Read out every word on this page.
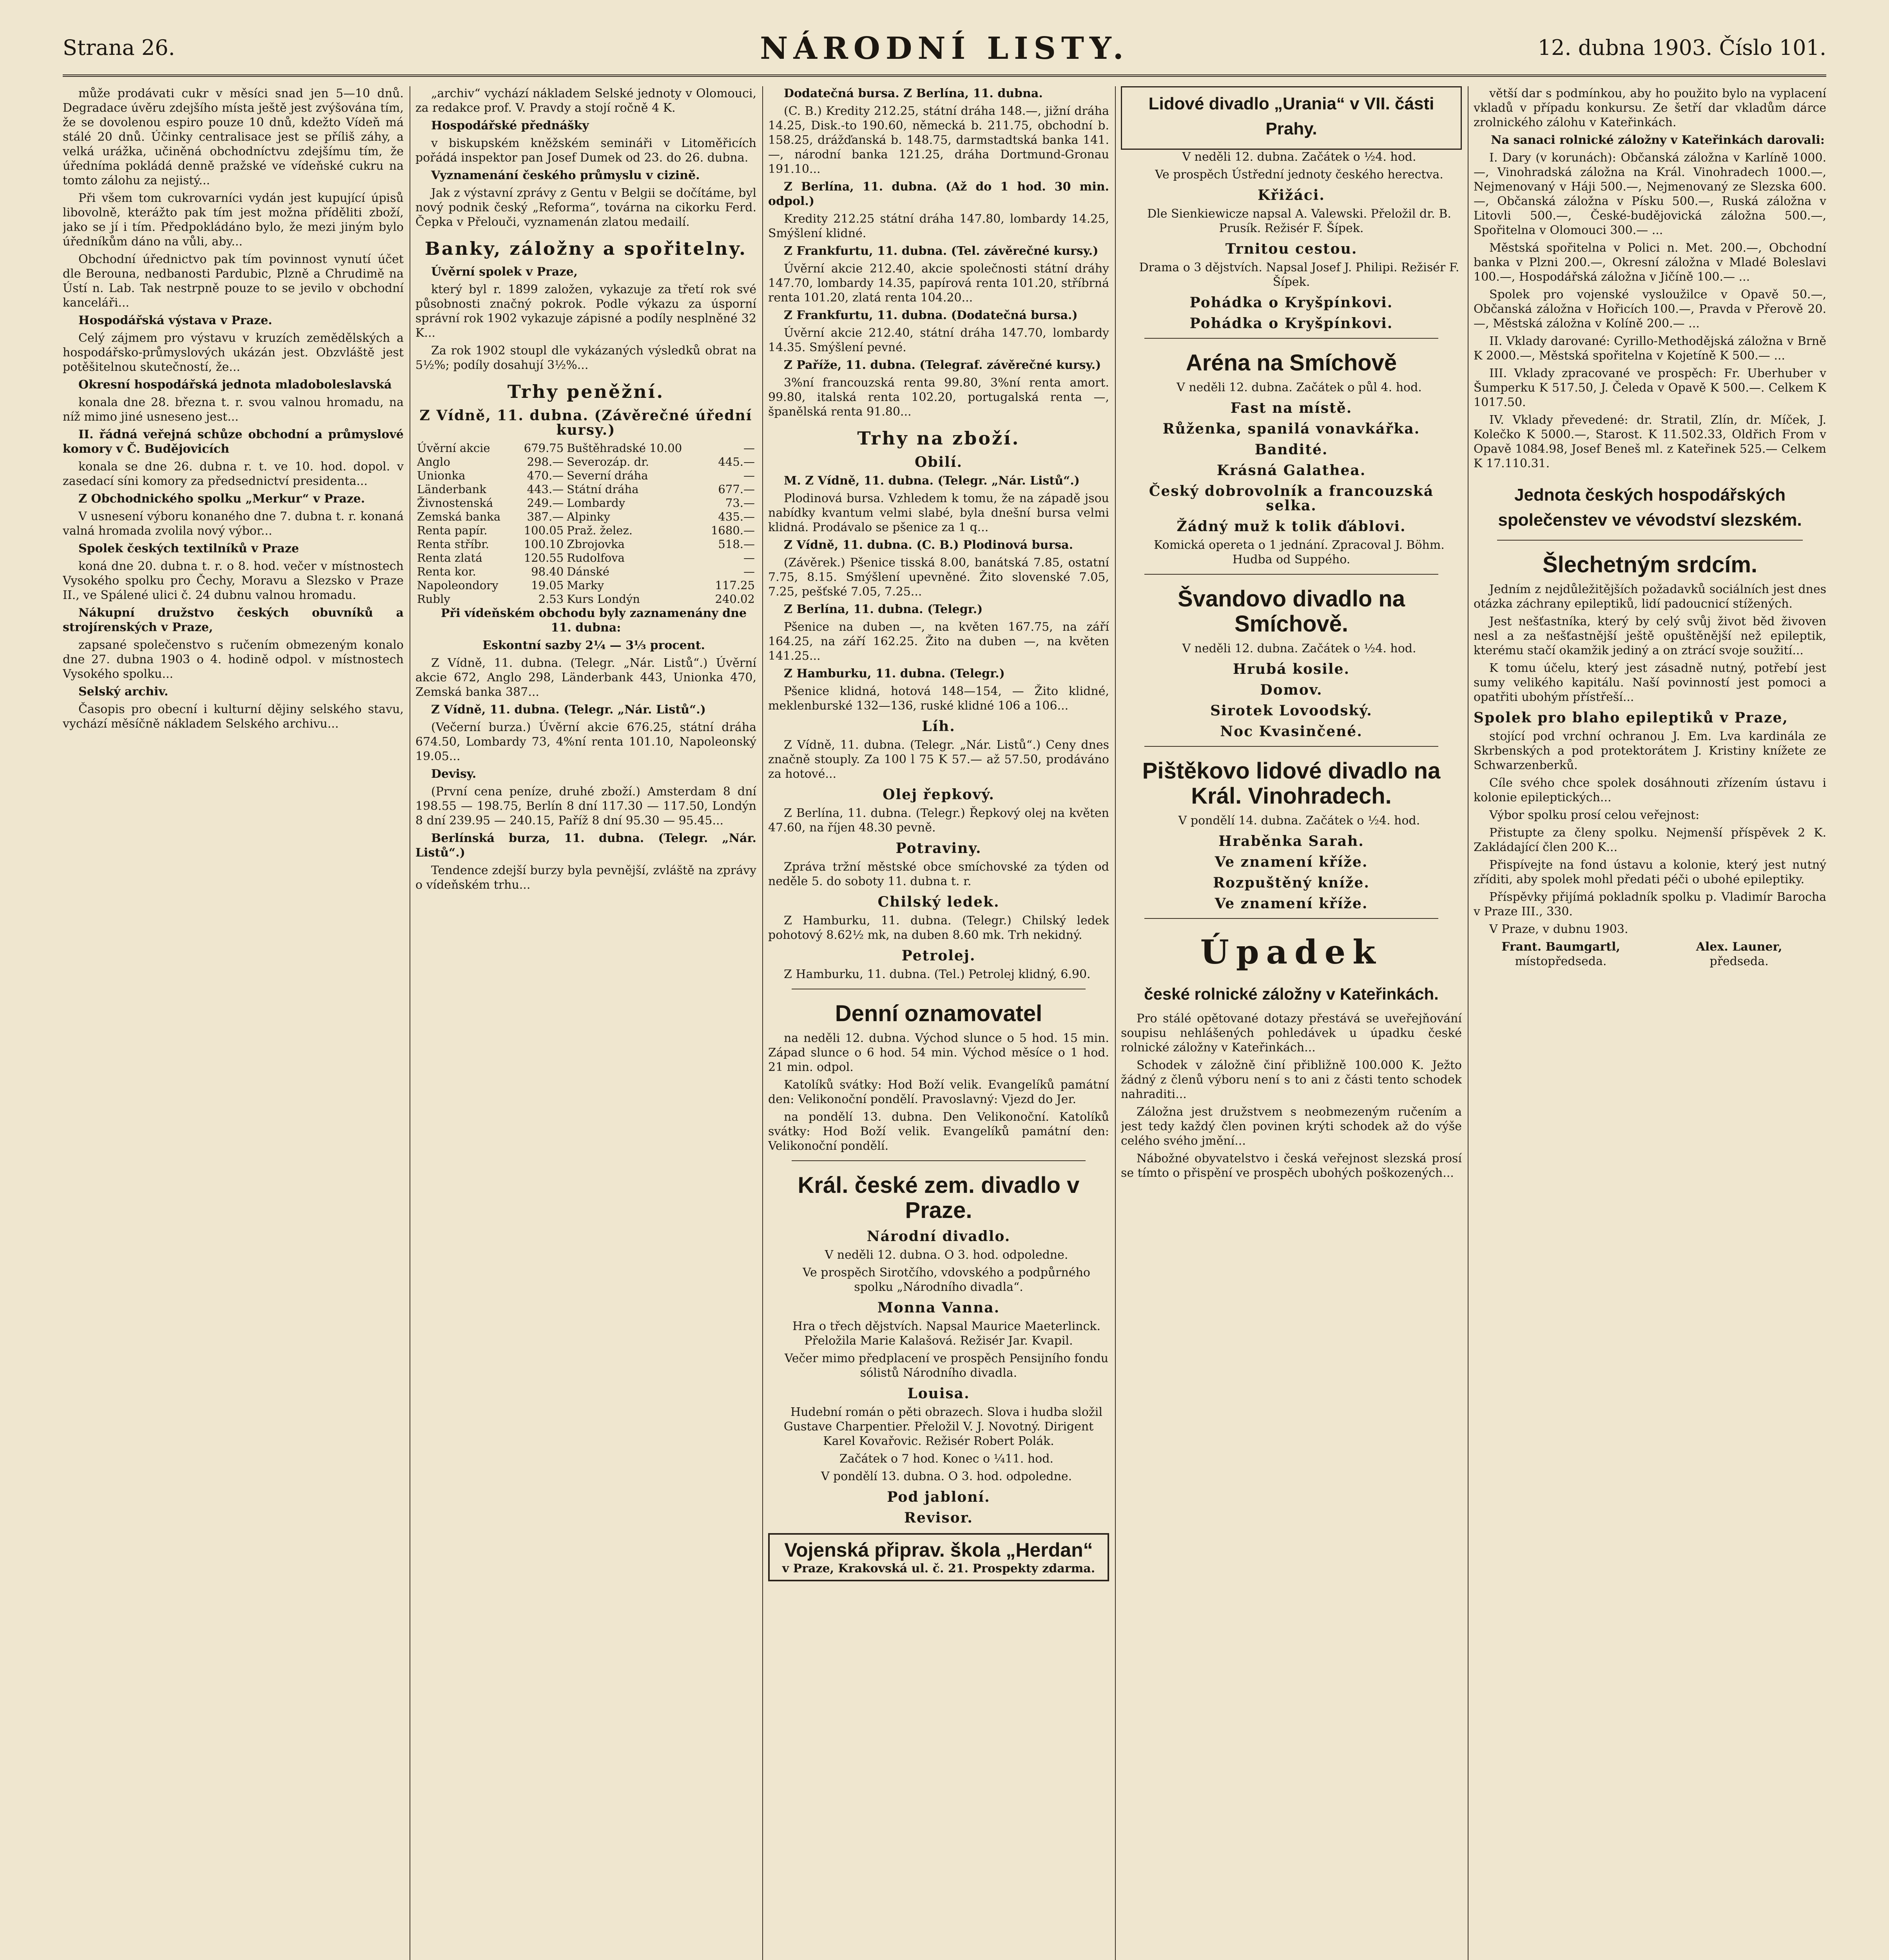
Strana 26.	NÁRODNÍ LISTY.	12. dubna 1903. Číslo 101.

může prodávati cukr v měsíci snad jen 5—10 dnů. Degradace úvěru zdejšího místa ještě jest zvýšována tím, že se dovolenou espiro pouze 10 dnů, kdežto Vídeň má stálé 20 dnů. Účinky centralisace jest se příliš záhy, a velká urážka, učiněná obchodníctvu zdejšímu tím, že úředníma pokládá denně pražské ve vídeňské cukru na tomto zálohu za nejistý...

Při všem tom cukrovarníci vydán jest kupující úpisů libovolně, kterážto pak tím jest možna příděliti zboží, jako se jí i tím. Předpokládáno bylo, že mezi jiným bylo úředníkům dáno na vůli, aby...

Obchodní úřednictvo pak tím povinnost vynutí účet dle Berouna, nedbanosti Pardubic, Plzně a Chrudimě na Ústí n. Lab. Tak nestrpně pouze to se jevilo v obchodní kanceláři...

Hospodářská výstava v Praze.

Celý zájmem pro výstavu v kruzích zemědělských a hospodářsko-průmyslových ukázán jest. Obzvláště jest potěšitelnou skutečností, že...

Okresní hospodářská jednota mladoboleslavská

konala dne 28. března t. r. svou valnou hromadu, na níž mimo jiné usneseno jest...

II. řádná veřejná schůze obchodní a průmyslové komory v Č. Budějovicích

konala se dne 26. dubna r. t. ve 10. hod. dopol. v zasedací síni komory za předsednictví presidenta...

Z Obchodnického spolku „Merkur“ v Praze.

V usnesení výboru konaného dne 7. dubna t. r. konaná valná hromada zvolila nový výbor...

Spolek českých textilníků v Praze

koná dne 20. dubna t. r. o 8. hod. večer v místnostech Vysokého spolku pro Čechy, Moravu a Slezsko v Praze II., ve Spálené ulici č. 24 dubnu valnou hromadu.

Nákupní družstvo českých obuvníků a strojírenských v Praze,

zapsané společenstvo s ručením obmezeným konalo dne 27. dubna 1903 o 4. hodině odpol. v místnostech Vysokého spolku...

Selský archiv.

Časopis pro obecní i kulturní dějiny selského stavu, vychází měsíčně nákladem Selského archivu...

„archiv“ vychází nákladem Selské jednoty v Olomouci, za redakce prof. V. Pravdy a stojí ročně 4 K.

Hospodářské přednášky

v biskupském kněžském semináři v Litoměřicích pořádá inspektor pan Josef Dumek od 23. do 26. dubna.

Vyznamenání českého průmyslu v cizině.

Jak z výstavní zprávy z Gentu v Belgii se dočítáme, byl nový podnik český „Reforma“, továrna na cikorku Ferd. Čepka v Přelouči, vyznamenán zlatou medailí.

Banky, záložny a spořitelny.

Úvěrní spolek v Praze,

který byl r. 1899 založen, vykazuje za třetí rok své působnosti značný pokrok. Podle výkazu za úsporní správní rok 1902 vykazuje zápisné a podíly nesplněné 32 K...

Za rok 1902 stoupl dle vykázaných výsledků obrat na 5½%; podíly dosahují 3½%...

Trhy peněžní.
Z Vídně, 11. dubna. (Závěrečné úřední kursy.)
Úvěrní akcie	679.75	Buštěhradské 10.00	—
Anglo	298.—	Severozáp. dr.	445.—
Unionka	470.—	Severní dráha	—
Länderbank	443.—	Státní dráha	677.—
Živnostenská	249.—	Lombardy	73.—
Zemská banka	387.—	Alpinky	435.—
Renta papír.	100.05	Praž. želez.	1680.—
Renta stříbr.	100.10	Zbrojovka	518.—
Renta zlatá	120.55	Rudolfova	—
Renta kor.	98.40	Dánské	—
Napoleondory	19.05	Marky	117.25
Rubly	2.53	Kurs Londýn	240.02

Při vídeňském obchodu byly zaznamenány dne 11. dubna:

Eskontní sazby 2¼ — 3⅓ procent.

Z Vídně, 11. dubna. (Telegr. „Nár. Listů“.) Úvěrní akcie 672, Anglo 298, Länderbank 443, Unionka 470, Zemská banka 387...

Z Vídně, 11. dubna. (Telegr. „Nár. Listů“.)

(Večerní burza.) Úvěrní akcie 676.25, státní dráha 674.50, Lombardy 73, 4%ní renta 101.10, Napoleonský 19.05...

Devisy.

(První cena peníze, druhé zboží.) Amsterdam 8 dní 198.55 — 198.75, Berlín 8 dní 117.30 — 117.50, Londýn 8 dní 239.95 — 240.15, Paříž 8 dní 95.30 — 95.45...

Berlínská burza, 11. dubna. (Telegr. „Nár. Listů“.)

Tendence zdejší burzy byla pevnější, zvláště na zprávy o vídeňském trhu...

Dodatečná bursa. Z Berlína, 11. dubna.

(C. B.) Kredity 212.25, státní dráha 148.—, jižní dráha 14.25, Disk.-to 190.60, německá b. 211.75, obchodní b. 158.25, drážďanská b. 148.75, darmstadtská banka 141.—, národní banka 121.25, dráha Dortmund-Gronau 191.10...

Z Berlína, 11. dubna. (Až do 1 hod. 30 min. odpol.)

Kredity 212.25 státní dráha 147.80, lombardy 14.25, Smýšlení klidné.

Z Frankfurtu, 11. dubna. (Tel. závěrečné kursy.)

Úvěrní akcie 212.40, akcie společnosti státní dráhy 147.70, lombardy 14.35, papírová renta 101.20, stříbrná renta 101.20, zlatá renta 104.20...

Z Frankfurtu, 11. dubna. (Dodatečná bursa.)

Úvěrní akcie 212.40, státní dráha 147.70, lombardy 14.35. Smýšlení pevné.

Z Paříže, 11. dubna. (Telegraf. závěrečné kursy.)

3%ní francouzská renta 99.80, 3%ní renta amort. 99.80, italská renta 102.20, portugalská renta —, španělská renta 91.80...

Trhy na zboží.
Obilí.

M. Z Vídně, 11. dubna. (Telegr. „Nár. Listů“.)

Plodinová bursa. Vzhledem k tomu, že na západě jsou nabídky kvantum velmi slabé, byla dnešní bursa velmi klidná. Prodávalo se pšenice za 1 q...

Z Vídně, 11. dubna. (C. B.) Plodinová bursa.

(Závěrek.) Pšenice tisská 8.00, banátská 7.85, ostatní 7.75, 8.15. Smýšlení upevněné. Žito slovenské 7.05, 7.25, pešťské 7.05, 7.25...

Z Berlína, 11. dubna. (Telegr.)

Pšenice na duben —, na květen 167.75, na září 164.25, na září 162.25. Žito na duben —, na květen 141.25...

Z Hamburku, 11. dubna. (Telegr.)

Pšenice klidná, hotová 148—154, — Žito klidné, meklenburské 132—136, ruské klidné 106 a 106...

Líh.

Z Vídně, 11. dubna. (Telegr. „Nár. Listů“.) Ceny dnes značně stouply. Za 100 l 75 K 57.— až 57.50, prodáváno za hotové...

Olej řepkový.

Z Berlína, 11. dubna. (Telegr.) Řepkový olej na květen 47.60, na říjen 48.30 pevně.

Potraviny.

Zpráva tržní městské obce smíchovské za týden od neděle 5. do soboty 11. dubna t. r.

Chilský ledek.

Z Hamburku, 11. dubna. (Telegr.) Chilský ledek pohotový 8.62½ mk, na duben 8.60 mk. Trh nekidný.

Petrolej.

Z Hamburku, 11. dubna. (Tel.) Petrolej klidný, 6.90.

Denní oznamovatel

na neděli 12. dubna. Východ slunce o 5 hod. 15 min. Západ slunce o 6 hod. 54 min. Východ měsíce o 1 hod. 21 min. odpol.

Katolíků svátky: Hod Boží velik. Evangelíků památní den: Velikonoční pondělí. Pravoslavný: Vjezd do Jer.

na pondělí 13. dubna. Den Velikonoční. Katolíků svátky: Hod Boží velik. Evangelíků památní den: Velikonoční pondělí.

Král. české zem. divadlo v Praze.
Národní divadlo.

V neděli 12. dubna. O 3. hod. odpoledne.

Ve prospěch Sirotčího, vdovského a podpůrného spolku „Národního divadla“.

Monna Vanna.

Hra o třech dějstvích. Napsal Maurice Maeterlinck. Přeložila Marie Kalašová. Režisér Jar. Kvapil.

Večer mimo předplacení ve prospěch Pensijního fondu sólistů Národního divadla.

Louisa.

Hudební román o pěti obrazech. Slova i hudba složil Gustave Charpentier. Přeložil V. J. Novotný. Dirigent Karel Kovařovic. Režisér Robert Polák.

Začátek o 7 hod. Konec o ¼11. hod.

V pondělí 13. dubna. O 3. hod. odpoledne.

Pod jabloní.
Revisor.
Vojenská připrav. škola „Herdan“
v Praze, Krakovská ul. č. 21. Prospekty zdarma.
Lidové divadlo „Urania“ v VII. části Prahy.

V neděli 12. dubna. Začátek o ½4. hod.

Ve prospěch Ústřední jednoty českého herectva.

Křižáci.

Dle Sienkiewicze napsal A. Valewski. Přeložil dr. B. Prusík. Režisér F. Šípek.

Trnitou cestou.

Drama o 3 dějstvích. Napsal Josef J. Philipi. Režisér F. Šípek.

Pohádka o Kryšpínkovi.
Pohádka o Kryšpínkovi.
Aréna na Smíchově

V neděli 12. dubna. Začátek o půl 4. hod.

Fast na místě.
Růženka, spanilá vonavkářka.
Bandité.
Krásná Galathea.
Český dobrovolník a francouzská selka.
Žádný muž k tolik ďáblovi.

Komická opereta o 1 jednání. Zpracoval J. Böhm. Hudba od Suppého.

Švandovo divadlo na Smíchově.

V neděli 12. dubna. Začátek o ½4. hod.

Hrubá kosile.
Domov.
Sirotek Lovoodský.
Noc Kvasinčené.
Pištěkovo lidové divadlo na Král. Vinohradech.

V pondělí 14. dubna. Začátek o ½4. hod.

Hraběnka Sarah.
Ve znamení kříže.
Rozpuštěný kníže.
Ve znamení kříže.
Úpadek
české rolnické záložny v Kateřinkách.

Pro stálé opětované dotazy přestává se uveřejňování soupisu nehlášených pohledávek u úpadku české rolnické záložny v Kateřinkách...

Schodek v záložně činí přibližně 100.000 K. Ježto žádný z členů výboru není s to ani z části tento schodek nahraditi...

Záložna jest družstvem s neobmezeným ručením a jest tedy každý člen povinen krýti schodek až do výše celého svého jmění...

Nábožné obyvatelstvo i česká veřejnost slezská prosí se tímto o přispění ve prospěch ubohých poškozených...

větší dar s podmínkou, aby ho použito bylo na vyplacení vkladů v případu konkursu. Ze šetří dar vkladům dárce zrolnického zálohu v Kateřinkách.

Na sanaci rolnické záložny v Kateřinkách darovali:

I. Dary (v korunách): Občanská záložna v Karlíně 1000.—, Vinohradská záložna na Král. Vinohradech 1000.—, Nejmenovaný v Háji 500.—, Nejmenovaný ze Slezska 600.—, Občanská záložna v Písku 500.—, Ruská záložna v Litovli 500.—, České-budějovická záložna 500.—, Spořitelna v Olomouci 300.— ...

Městská spořitelna v Polici n. Met. 200.—, Obchodní banka v Plzni 200.—, Okresní záložna v Mladé Boleslavi 100.—, Hospodářská záložna v Jičíně 100.— ...

Spolek pro vojenské vysloužilce v Opavě 50.—, Občanská záložna v Hořicích 100.—, Pravda v Přerově 20.—, Městská záložna v Kolíně 200.— ...

II. Vklady darované: Cyrillo-Methodějská záložna v Brně K 2000.—, Městská spořitelna v Kojetíně K 500.— ...

III. Vklady zpracované ve prospěch: Fr. Uberhuber v Šumperku K 517.50, J. Čeleda v Opavě K 500.—. Celkem K 1017.50.

IV. Vklady převedené: dr. Stratil, Zlín, dr. Míček, J. Kolečko K 5000.—, Starost. K 11.502.33, Oldřich From v Opavě 1084.98, Josef Beneš ml. z Kateřinek 525.— Celkem K 17.110.31.

Jednota českých hospodářských společenstev ve vévodství slezském.
Šlechetným srdcím.

Jedním z nejdůležitějších požadavků sociálních jest dnes otázka záchrany epileptiků, lidí padoucnicí stížených.

Jest nešťastníka, který by celý svůj život běd živoven nesl a za nešťastnější ještě opuštěnější než epileptik, kterému stačí okamžik jediný a on ztrácí svoje soužití...

K tomu účelu, který jest zásadně nutný, potřebí jest sumy velikého kapitálu. Naší povinností jest pomoci a opatřiti ubohým přístřeší...

Spolek pro blaho epileptiků v Praze,

stojící pod vrchní ochranou J. Em. Lva kardinála ze Skrbenských a pod protektorátem J. Kristiny knížete ze Schwarzenberků.

Cíle svého chce spolek dosáhnouti zřízením ústavu i kolonie epileptických...

Výbor spolku prosí celou veřejnost:

Přistupte za členy spolku. Nejmenší příspěvek 2 K. Zakládající člen 200 K...

Přispívejte na fond ústavu a kolonie, který jest nutný zříditi, aby spolek mohl předati péči o ubohé epileptiky.

Příspěvky přijímá pokladník spolku p. Vladimír Barocha v Praze III., 330.

V Praze, v dubnu 1903.

Frant. Baumgartl,
místopředseda.
Alex. Launer,
předseda.
